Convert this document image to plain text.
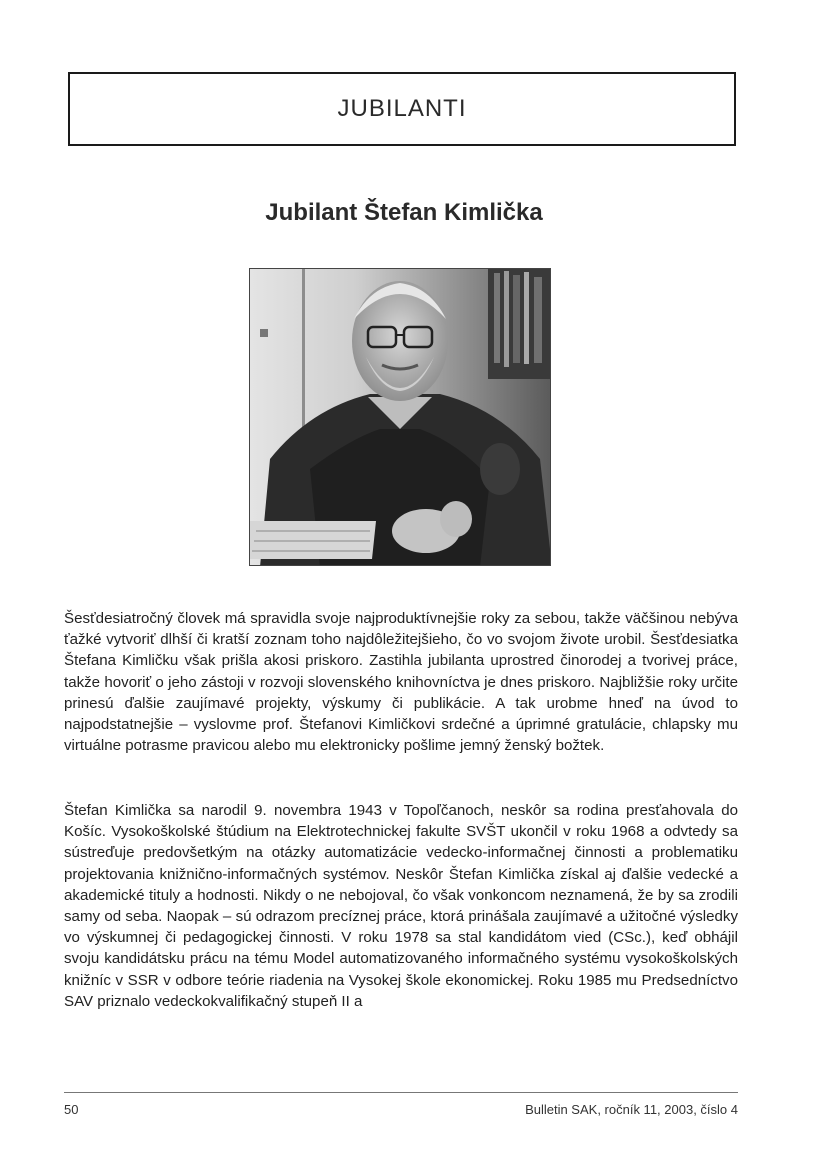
JUBILANTI
Jubilant Štefan Kimlička

Šesťdesiatročný človek má spravidla svoje najproduktívnejšie roky za sebou, takže väčšinou nebýva ťažké vytvoriť dlhší či kratší zoznam toho najdôležitejšieho, čo vo svojom živote urobil. Šesťdesiatka Štefana Kimličku však prišla akosi priskoro. Zastihla jubilanta uprostred činorodej a tvorivej práce, takže hovoriť o jeho zástoji v rozvoji slovenského knihovníctva je dnes priskoro. Najbližšie roky určite prinesú ďalšie zaujímavé projekty, výskumy či publikácie. A tak urobme hneď na úvod to najpodstatnejšie – vyslovme prof. Štefanovi Kimličkovi srdečné a úprimné gratulácie, chlapsky mu virtuálne potrasme pravicou alebo mu elektronicky pošlime jemný ženský božtek.

Štefan Kimlička sa narodil 9. novembra 1943 v Topoľčanoch, neskôr sa rodina presťahovala do Košíc. Vysokoškolské štúdium na Elektrotechnickej fakulte SVŠT ukončil v roku 1968 a odvtedy sa sústreďuje predovšetkým na otázky automatizácie vedecko-informačnej činnosti a problematiku projektovania knižnično-informačných systémov. Neskôr Štefan Kimlička získal aj ďalšie vedecké a akademické tituly a hodnosti. Nikdy o ne nebojoval, čo však vonkoncom neznamená, že by sa zrodili samy od seba. Naopak – sú odrazom precíznej práce, ktorá prinášala zaujímavé a užitočné výsledky vo výskumnej či pedagogickej činnosti. V roku 1978 sa stal kandidátom vied (CSc.), keď obhájil svoju kandidátsku prácu na tému Model automatizovaného informačného systému vysokoškolských knižníc v SSR v odbore teórie riadenia na Vysokej škole ekonomickej. Roku 1985 mu Predsedníctvo SAV priznalo vedeckokvalifikačný stupeň II a

50	Bulletin SAK, ročník 11, 2003, číslo 4
